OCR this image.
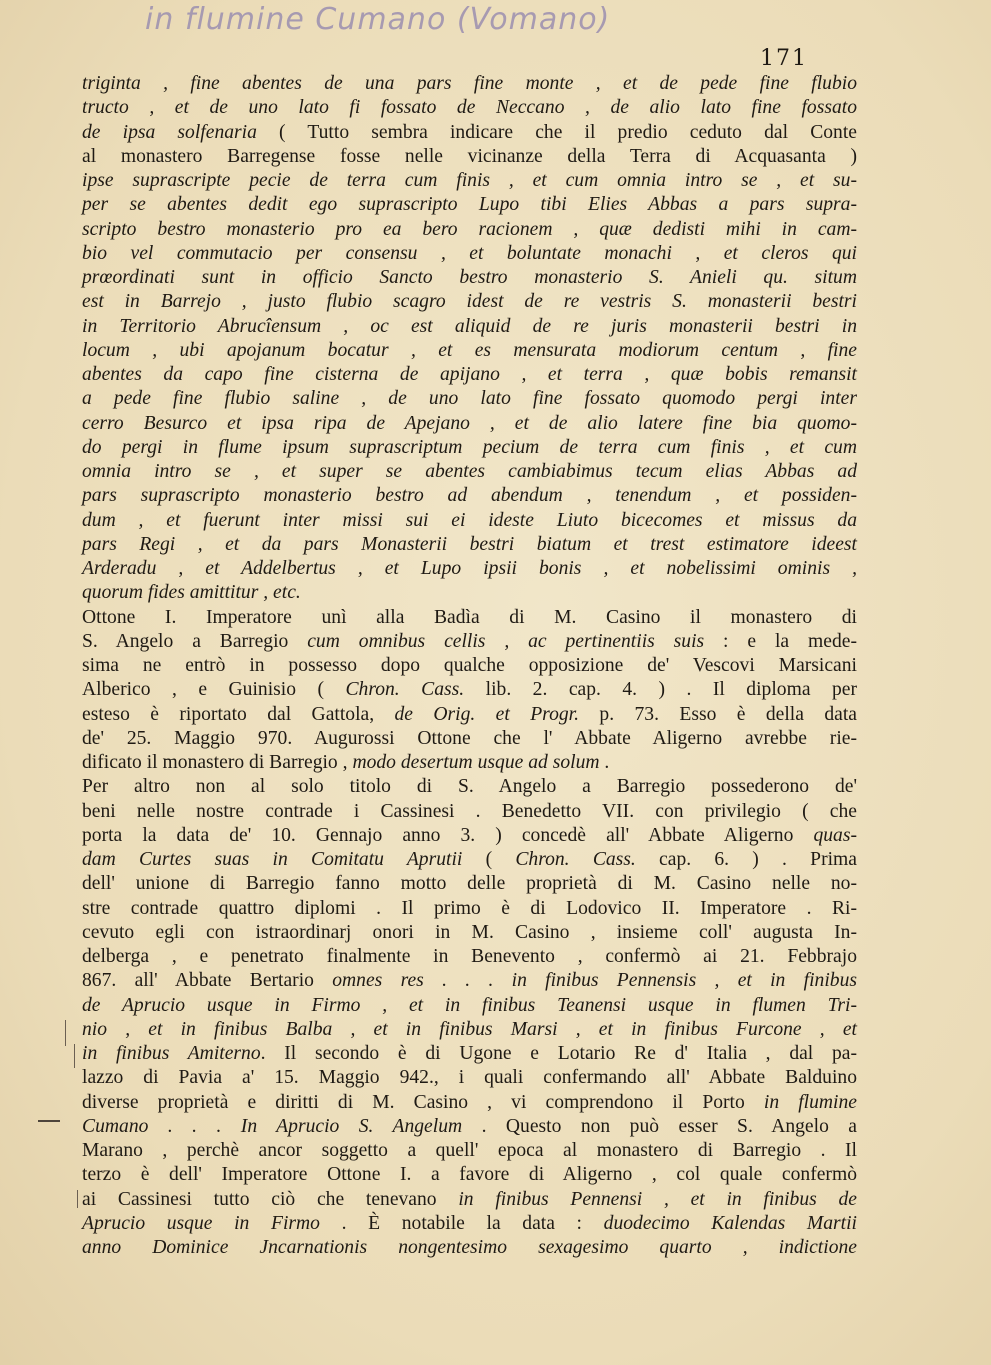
in flumine Cumano (Vomano)
171
triginta , fine abentes de una pars fine monte , et de pede fine flubio
tructo , et de uno lato fi fossato de Neccano , de alio lato fine fossato
de ipsa solfenaria ( Tutto sembra indicare che il predio ceduto dal Conte
al monastero Barregense fosse nelle vicinanze della Terra di Acquasanta )
ipse suprascripte pecie de terra cum finis , et cum omnia intro se , et su-
per se abentes dedit ego suprascripto Lupo tibi Elies Abbas a pars supra-
scripto bestro monasterio pro ea bero racionem , quæ dedisti mihi in cam-
bio vel commutacio per consensu , et boluntate monachi , et cleros qui
prœordinati sunt in officio Sancto bestro monasterio S. Anieli qu. situm
est in Barrejo , justo flubio scagro idest de re vestris S. monasterii bestri
in Territorio Abrucîensum , oc est aliquid de re juris monasterii bestri in
locum , ubi apojanum bocatur , et es mensurata modiorum centum , fine
abentes da capo fine cisterna de apijano , et terra , quæ bobis remansit
a pede fine flubio saline , de uno lato fine fossato quomodo pergi inter
cerro Besurco et ipsa ripa de Apejano , et de alio latere fine bia quomo-
do pergi in flume ipsum suprascriptum pecium de terra cum finis , et cum
omnia intro se , et super se abentes cambiabimus tecum elias Abbas ad
pars suprascripto monasterio bestro ad abendum , tenendum , et possiden-
dum , et fuerunt inter missi sui ei ideste Liuto bicecomes et missus da
pars Regi , et da pars Monasterii bestri biatum et trest estimatore ideest
Arderadu , et Addelbertus , et Lupo ipsii bonis , et nobelissimi ominis ,
quorum fides amittitur , etc.
Ottone I. Imperatore unì alla Badìa di M. Casino il monastero di
S. Angelo a Barregio cum omnibus cellis , ac pertinentiis suis : e la mede-
sima ne entrò in possesso dopo qualche opposizione de' Vescovi Marsicani
Alberico , e Guinisio ( Chron. Cass. lib. 2. cap. 4. ) . Il diploma per
esteso è riportato dal Gattola, de Orig. et Progr. p. 73. Esso è della data
de' 25. Maggio 970. Augurossi Ottone che l' Abbate Aligerno avrebbe rie-
dificato il monastero di Barregio , modo desertum usque ad solum .
Per altro non al solo titolo di S. Angelo a Barregio possederono de'
beni nelle nostre contrade i Cassinesi . Benedetto VII. con privilegio ( che
porta la data de' 10. Gennajo anno 3. ) concedè all' Abbate Aligerno quas-
dam Curtes suas in Comitatu Aprutii ( Chron. Cass. cap. 6. ) . Prima
dell' unione di Barregio fanno motto delle proprietà di M. Casino nelle no-
stre contrade quattro diplomi . Il primo è di Lodovico II. Imperatore . Ri-
cevuto egli con istraordinarj onori in M. Casino , insieme coll' augusta In-
delberga , e penetrato finalmente in Benevento , confermò ai 21. Febbrajo
867. all' Abbate Bertario omnes res . . . in finibus Pennensis , et in finibus
de Aprucio usque in Firmo , et in finibus Teanensi usque in flumen Tri-
nio , et in finibus Balba , et in finibus Marsi , et in finibus Furcone , et
in finibus Amiterno. Il secondo è di Ugone e Lotario Re d' Italia , dal pa-
lazzo di Pavia a' 15. Maggio 942., i quali confermando all' Abbate Balduino
diverse proprietà e diritti di M. Casino , vi comprendono il Porto in flumine
Cumano . . . In Aprucio S. Angelum . Questo non può esser S. Angelo a
Marano , perchè ancor soggetto a quell' epoca al monastero di Barregio . Il
terzo è dell' Imperatore Ottone I. a favore di Aligerno , col quale confermò
ai Cassinesi tutto ciò che tenevano in finibus Pennensi , et in finibus de
Aprucio usque in Firmo . È notabile la data : duodecimo Kalendas Martii
anno Dominice Jncarnationis nongentesimo sexagesimo quarto , indictione
